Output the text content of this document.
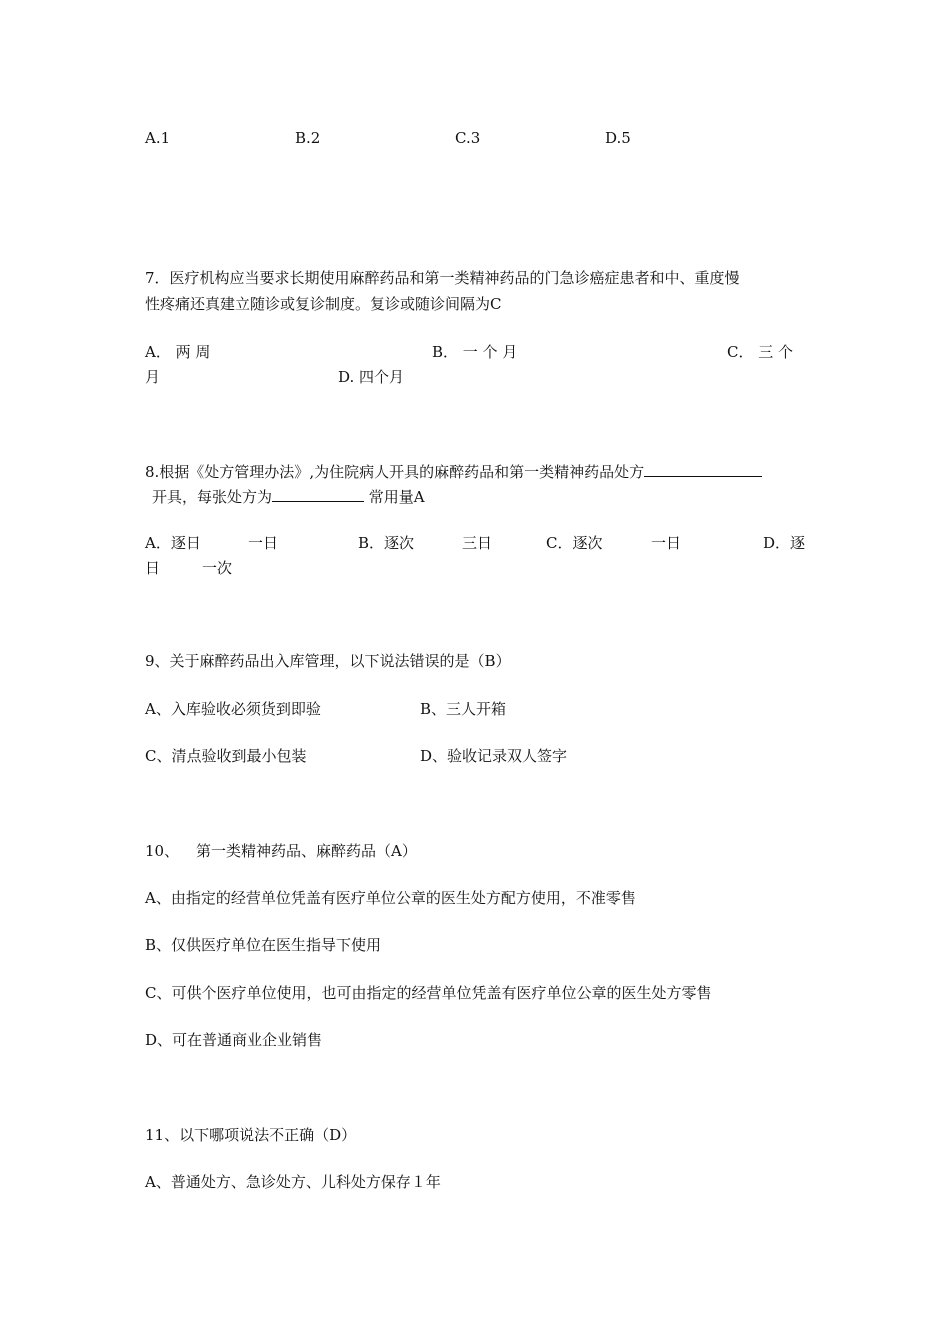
A.1	B.2	C.3	D.5
7．医疗机构应当要求长期使用麻醉药品和第一类精神药品的门急诊癌症患者和中、重度慢
性疼痛还真建立随诊或复诊制度。复诊或随诊间隔为C
A． 两 周	B． 一 个 月	C． 三 个
月	D. 四个月
8.根据《处方管理办法》,为住院病人开具的麻醉药品和第一类精神药品处方
开具，每张处方为	常用量A
A．逐日	一日	B．逐次	三日	C．逐次	一日	D．逐
日	一次
9、关于麻醉药品出入库管理，以下说法错误的是（B）
A、入库验收必须货到即验	B、三人开箱
C、清点验收到最小包装	D、验收记录双人签字
10、 第一类精神药品、麻醉药品（A）
A、由指定的经营单位凭盖有医疗单位公章的医生处方配方使用，不准零售
B、仅供医疗单位在医生指导下使用
C、可供个医疗单位使用，也可由指定的经营单位凭盖有医疗单位公章的医生处方零售
D、可在普通商业企业销售
11、以下哪项说法不正确（D）
A、普通处方、急诊处方、儿科处方保存１年
